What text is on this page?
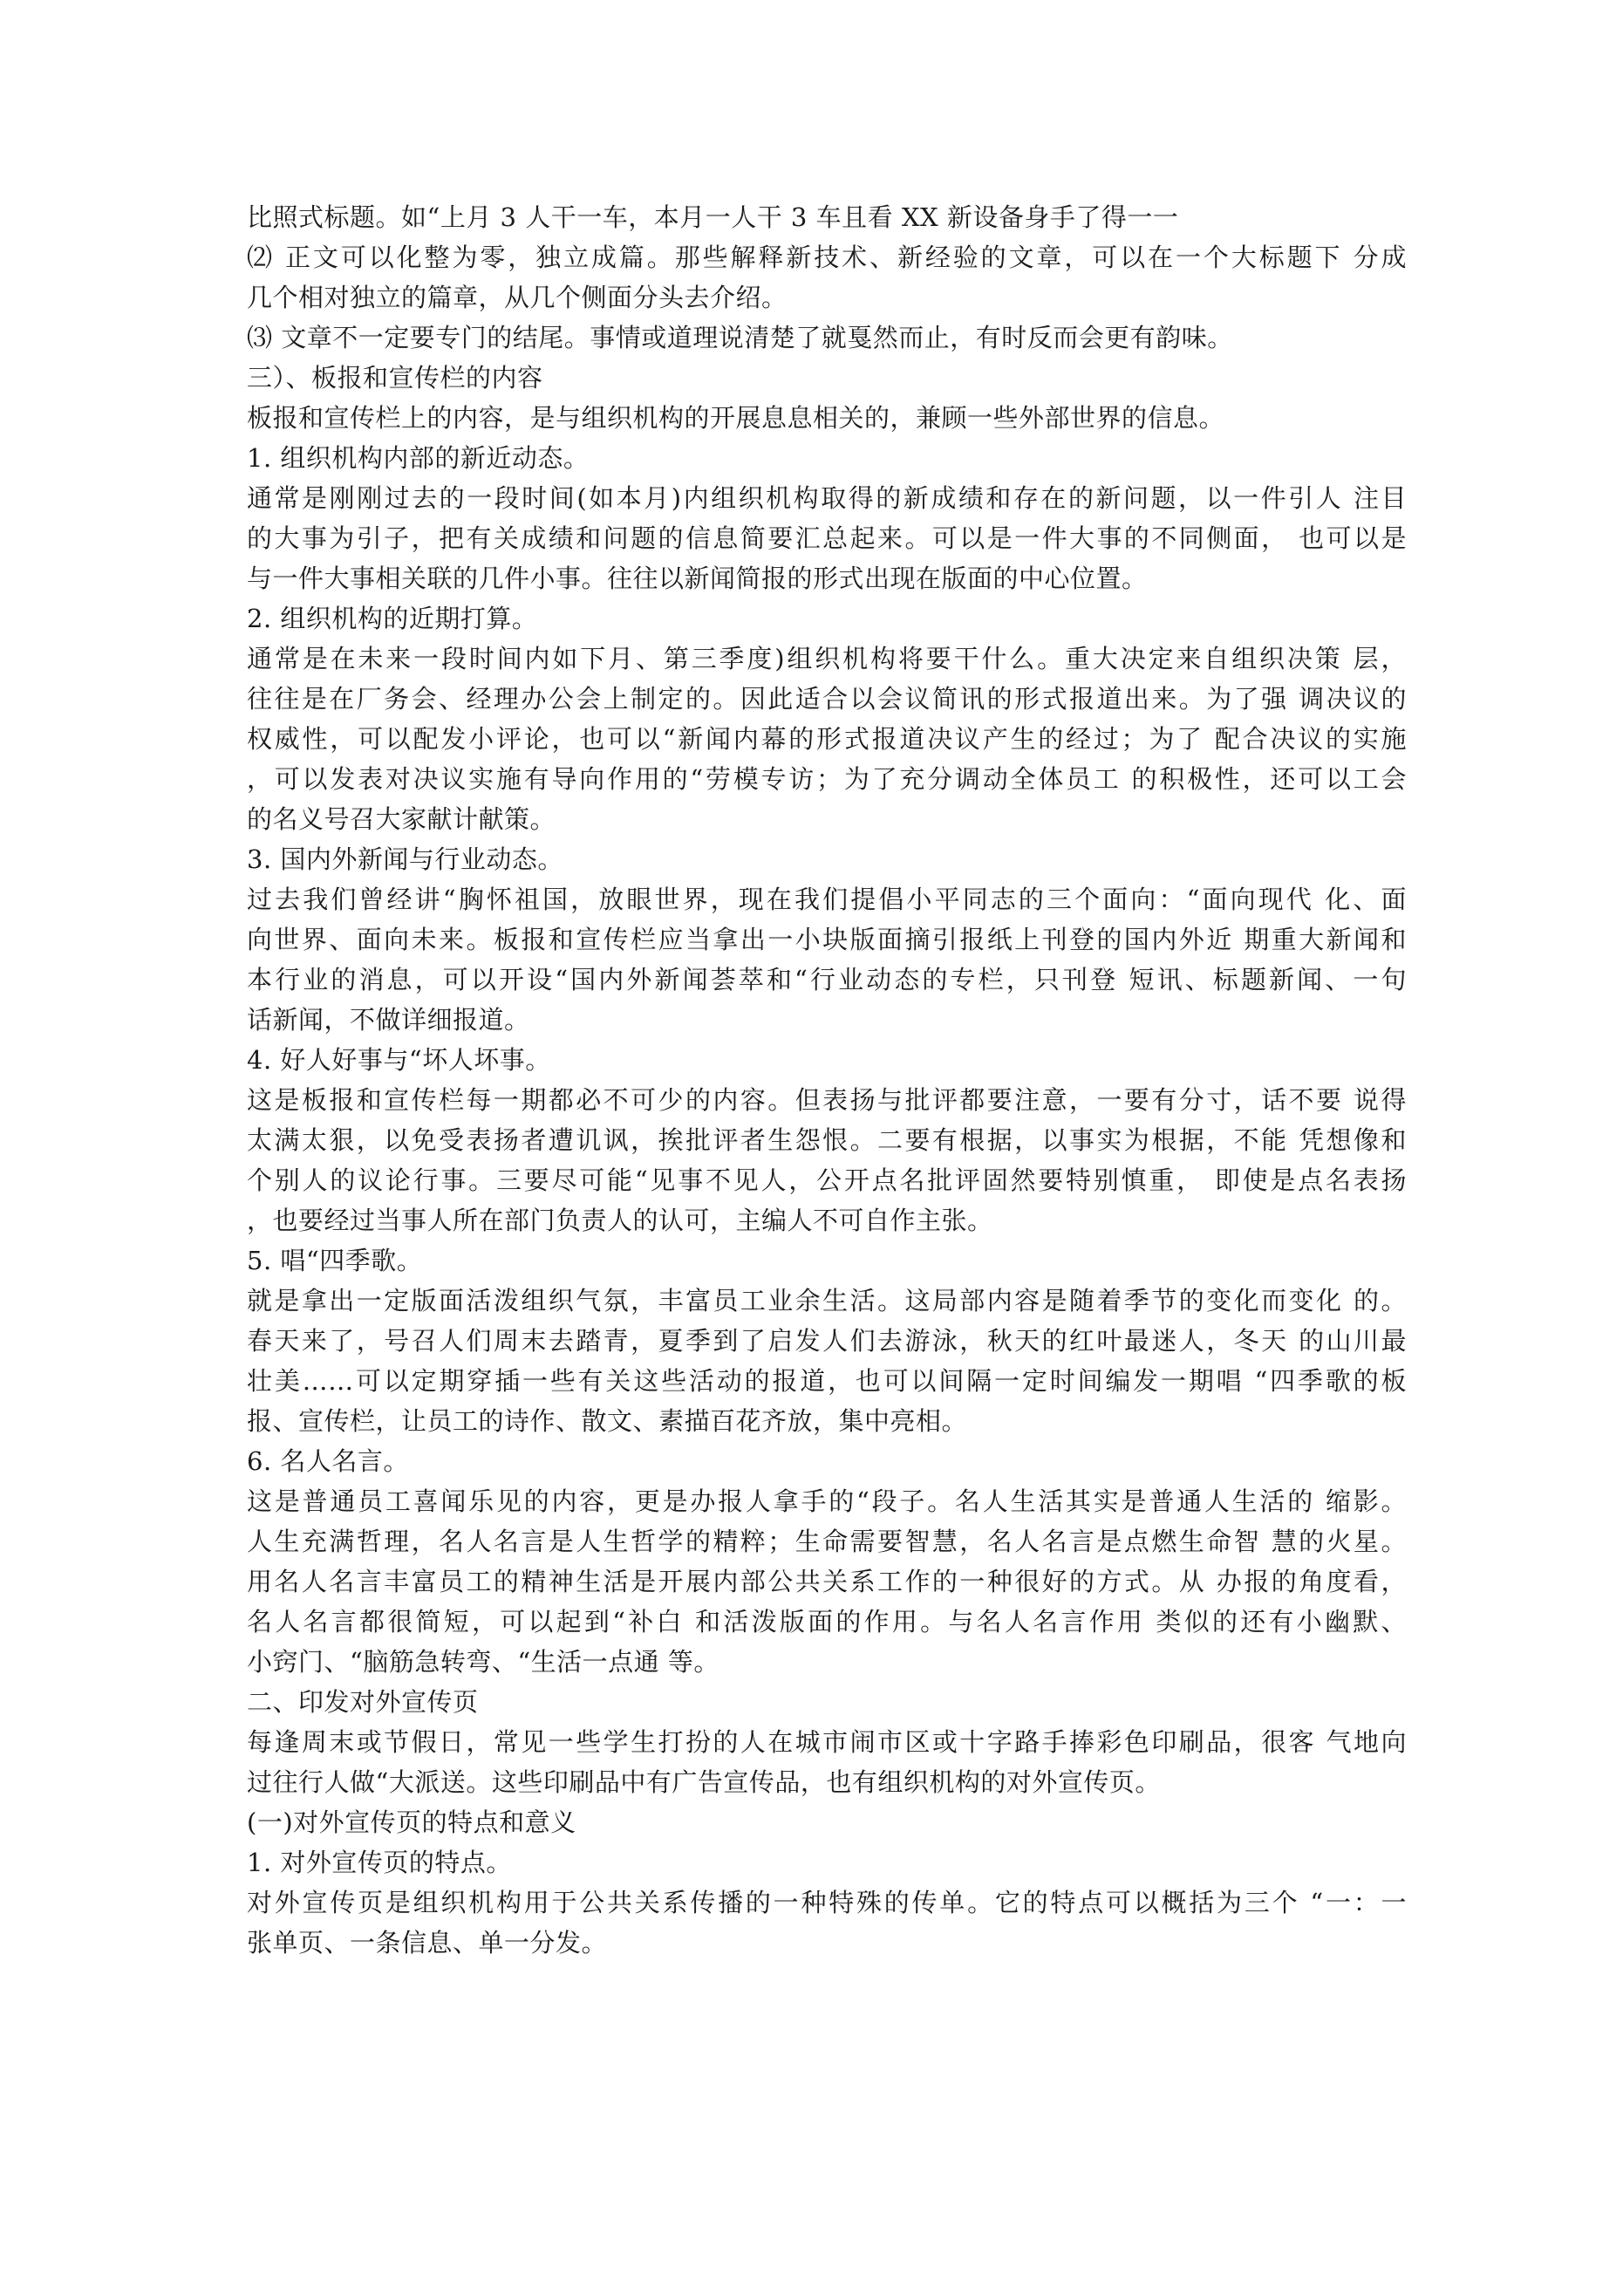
比照式标题。如“上月 3 人干一车，本月一人干 3 车且看 XX 新设备身手了得一一
⑵ 正文可以化整为零，独立成篇。那些解释新技术、新经验的文章，可以在一个大标题下 分成
几个相对独立的篇章，从几个侧面分头去介绍。
⑶ 文章不一定要专门的结尾。事情或道理说清楚了就戛然而止，有时反而会更有韵味。
三）、板报和宣传栏的内容
板报和宣传栏上的内容，是与组织机构的开展息息相关的，兼顾一些外部世界的信息。
1. 组织机构内部的新近动态。
通常是刚刚过去的一段时间(如本月)内组织机构取得的新成绩和存在的新问题，以一件引人 注目
的大事为引子，把有关成绩和问题的信息简要汇总起来。可以是一件大事的不同侧面， 也可以是
与一件大事相关联的几件小事。往往以新闻简报的形式出现在版面的中心位置。
2. 组织机构的近期打算。
通常是在未来一段时间内如下月、第三季度)组织机构将要干什么。重大决定来自组织决策 层，
往往是在厂务会、经理办公会上制定的。因此适合以会议简讯的形式报道出来。为了强 调决议的
权威性，可以配发小评论，也可以“新闻内幕的形式报道决议产生的经过；为了 配合决议的实施
，可以发表对决议实施有导向作用的“劳模专访；为了充分调动全体员工 的积极性，还可以工会
的名义号召大家献计献策。
3. 国内外新闻与行业动态。
过去我们曾经讲“胸怀祖国，放眼世界，现在我们提倡小平同志的三个面向：“面向现代 化、面
向世界、面向未来。板报和宣传栏应当拿出一小块版面摘引报纸上刊登的国内外近 期重大新闻和
本行业的消息，可以开设“国内外新闻荟萃和“行业动态的专栏，只刊登 短讯、标题新闻、一句
话新闻，不做详细报道。
4. 好人好事与“坏人坏事。
这是板报和宣传栏每一期都必不可少的内容。但表扬与批评都要注意，一要有分寸，话不要 说得
太满太狠，以免受表扬者遭讥讽，挨批评者生怨恨。二要有根据，以事实为根据，不能 凭想像和
个别人的议论行事。三要尽可能“见事不见人，公开点名批评固然要特别慎重， 即使是点名表扬
，也要经过当事人所在部门负责人的认可，主编人不可自作主张。
5. 唱“四季歌。
就是拿出一定版面活泼组织气氛，丰富员工业余生活。这局部内容是随着季节的变化而变化 的。
春天来了，号召人们周末去踏青，夏季到了启发人们去游泳，秋天的红叶最迷人，冬天 的山川最
壮美……可以定期穿插一些有关这些活动的报道，也可以间隔一定时间编发一期唱 “四季歌的板
报、宣传栏，让员工的诗作、散文、素描百花齐放，集中亮相。
6. 名人名言。
这是普通员工喜闻乐见的内容，更是办报人拿手的“段子。名人生活其实是普通人生活的 缩影。
人生充满哲理，名人名言是人生哲学的精粹；生命需要智慧，名人名言是点燃生命智 慧的火星。
用名人名言丰富员工的精神生活是开展内部公共关系工作的一种很好的方式。从 办报的角度看，
名人名言都很简短，可以起到“补白 和活泼版面的作用。与名人名言作用 类似的还有小幽默、
小窍门、“脑筋急转弯、“生活一点通 等。
二、印发对外宣传页
每逢周末或节假日，常见一些学生打扮的人在城市闹市区或十字路手捧彩色印刷品，很客 气地向
过往行人做“大派送。这些印刷品中有广告宣传品，也有组织机构的对外宣传页。
(一)对外宣传页的特点和意义
1. 对外宣传页的特点。
对外宣传页是组织机构用于公共关系传播的一种特殊的传单。它的特点可以概括为三个 “一：一
张单页、一条信息、单一分发。
